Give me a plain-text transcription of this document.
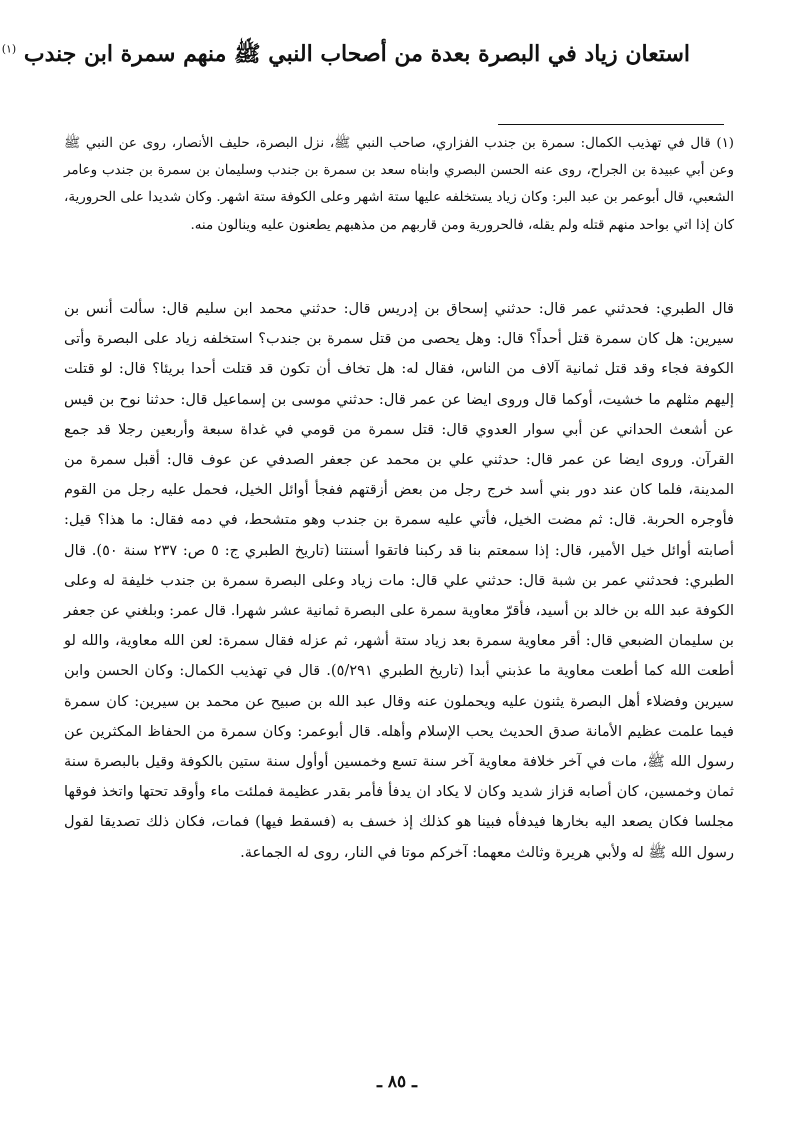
استعان زياد في البصرة بعدة من أصحاب النبي ﷺ منهم سمرة ابن جندب $^{(١)}$

(١) قال في تهذيب الكمال: سمرة بن جندب الفزاري، صاحب النبي ﷺ، نزل البصرة، حليف الأنصار، روى عن النبي ﷺ وعن أبي عبيدة بن الجراح، روى عنه الحسن البصري وابناه سعد بن سمرة بن جندب وسليمان بن سمرة بن جندب وعامر الشعبي، قال أبوعمر بن عبد البر: وكان زياد يستخلفه عليها ستة اشهر وعلى الكوفة ستة اشهر. وكان شديدا على الحرورية، كان إذا اتي بواحد منهم قتله ولم يقله، فالحرورية ومن قاربهم من مذهبهم يطعنون عليه وينالون منه.

قال الطبري: فحدثني عمر قال: حدثني إسحاق بن إدريس قال: حدثني محمد ابن سليم قال: سألت أنس بن سيرين: هل كان سمرة قتل أحداً؟ قال: وهل يحصى من قتل سمرة بن جندب؟ استخلفه زياد على البصرة وأتى الكوفة فجاء وقد قتل ثمانية آلاف من الناس، فقال له: هل تخاف أن تكون قد قتلت أحدا بريئا؟ قال: لو قتلت إليهم مثلهم ما خشيت، أوكما قال وروى ايضا عن عمر قال: حدثني موسى بن إسماعيل قال: حدثنا نوح بن قيس عن أشعث الحداني عن أبي سوار العدوي قال: قتل سمرة من قومي في غداة سبعة وأربعين رجلا قد جمع القرآن. وروى ايضا عن عمر قال: حدثني علي بن محمد عن جعفر الصدفي عن عوف قال: أقبل سمرة من المدينة، فلما كان عند دور بني أسد خرج رجل من بعض أزقتهم ففجأ أوائل الخيل، فحمل عليه رجل من القوم فأوجره الحربة. قال: ثم مضت الخيل، فأتي عليه سمرة بن جندب وهو متشحط، في دمه فقال: ما هذا؟ قيل: أصابته أوائل خيل الأمير، قال: إذا سمعتم بنا قد ركبنا فاتقوا أسنتنا (تاريخ الطبري ج: ٥ ص: ٢٣٧ سنة ٥٠). قال الطبري: فحدثني عمر بن شبة قال: حدثني علي قال: مات زياد وعلى البصرة سمرة بن جندب خليفة له وعلى الكوفة عبد الله بن خالد بن أسيد، فأقرّ معاوية سمرة على البصرة ثمانية عشر شهرا. قال عمر: وبلغني عن جعفر بن سليمان الضبعي قال: أقر معاوية سمرة بعد زياد ستة أشهر، ثم عزله فقال سمرة: لعن الله معاوية، والله لو أطعت الله كما أطعت معاوية ما عذبني أبدا (تاريخ الطبري ٥/٢٩١). قال في تهذيب الكمال: وكان الحسن وابن سيرين وفضلاء أهل البصرة يثنون عليه ويحملون عنه وقال عبد الله بن صبيح عن محمد بن سيرين: كان سمرة فيما علمت عظيم الأمانة صدق الحديث يحب الإسلام وأهله. قال أبوعمر: وكان سمرة من الحفاظ المكثرين عن رسول الله ﷺ، مات في آخر خلافة معاوية آخر سنة تسع وخمسين أوأول سنة ستين بالكوفة وقيل بالبصرة سنة ثمان وخمسين، كان أصابه قزاز شديد وكان لا يكاد ان يدفأ فأمر بقدر عظيمة فملئت ماء وأوقد تحتها واتخذ فوقها مجلسا فكان يصعد اليه بخارها فيدفأه فبينا هو كذلك إذ خسف به (فسقط فيها) فمات، فكان ذلك تصديقا لقول رسول الله ﷺ له ولأبي هريرة وثالث معهما: آخركم موتا في النار، روى له الجماعة.

ـ ٨٥ ـ
